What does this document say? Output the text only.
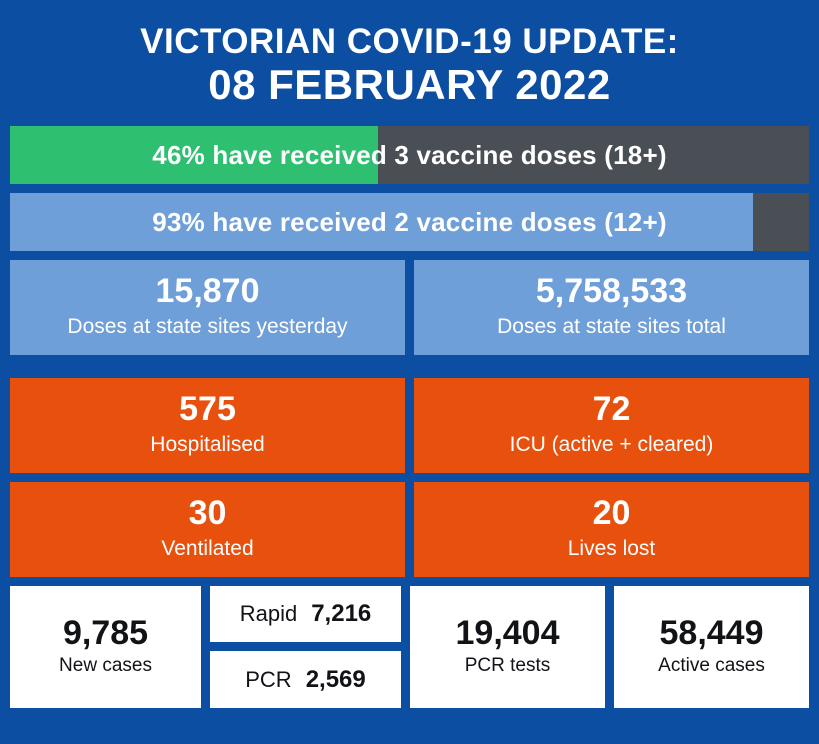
VICTORIAN COVID-19 UPDATE:
08 FEBRUARY 2022
46% have received 3 vaccine doses (18+)
93% have received 2 vaccine doses (12+)
15,870
Doses at state sites yesterday
5,758,533
Doses at state sites total
575
Hospitalised
72
ICU (active + cleared)
30
Ventilated
20
Lives lost
9,785
New cases
Rapid 7,216
PCR 2,569
19,404
PCR tests
58,449
Active cases
